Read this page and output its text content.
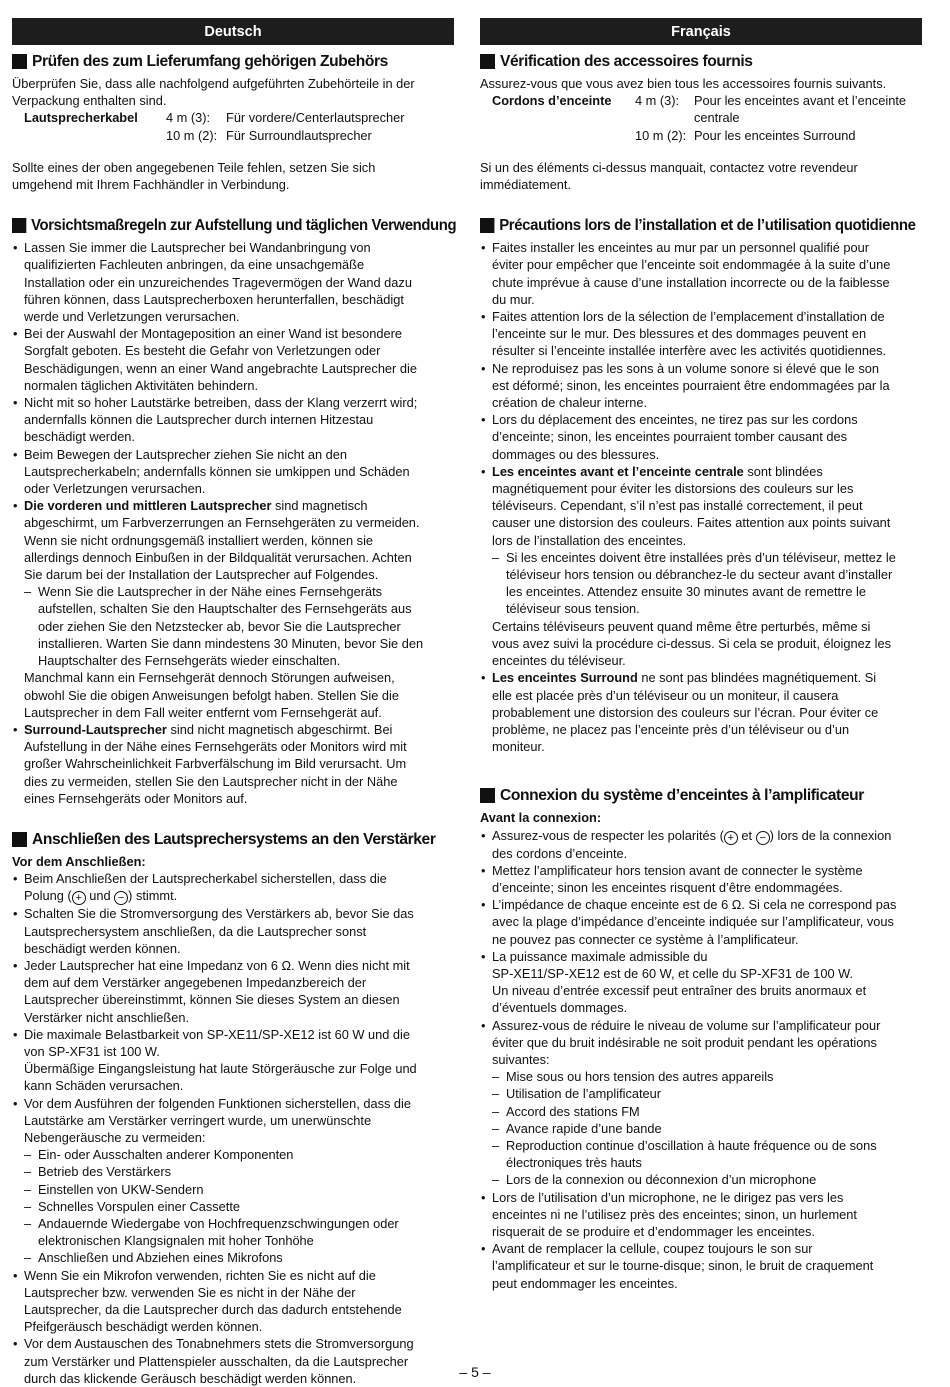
Deutsch
Prüfen des zum Lieferumfang gehörigen Zubehörs

Überprüfen Sie, dass alle nachfolgend aufgeführten Zubehörteile in der

Verpackung enthalten sind.

Lautsprecherkabel	4 m (3):	Für vordere/Centerlautsprecher
10 m (2): Für Surroundlautsprecher

Sollte eines der oben angegebenen Teile fehlen, setzen Sie sich

umgehend mit Ihrem Fachhändler in Verbindung.

Vorsichtsmaßregeln zur Aufstellung und täglichen Verwendung
• Lassen Sie immer die Lautsprecher bei Wandanbringung von
qualifizierten Fachleuten anbringen, da eine unsachgemäße
Installation oder ein unzureichendes Tragevermögen der Wand dazu
führen können, dass Lautsprecherboxen herunterfallen, beschädigt
werde und Verletzungen verursachen.
• Bei der Auswahl der Montageposition an einer Wand ist besondere
Sorgfalt geboten. Es besteht die Gefahr von Verletzungen oder
Beschädigungen, wenn an einer Wand angebrachte Lautsprecher die
normalen täglichen Aktivitäten behindern.
• Nicht mit so hoher Lautstärke betreiben, dass der Klang verzerrt wird;
andernfalls können die Lautsprecher durch internen Hitzestau
beschädigt werden.
• Beim Bewegen der Lautsprecher ziehen Sie nicht an den
Lautsprecherkabeln; andernfalls können sie umkippen und Schäden
oder Verletzungen verursachen.
• Die vorderen und mittleren Lautsprecher sind magnetisch
abgeschirmt, um Farbverzerrungen an Fernsehgeräten zu vermeiden.
Wenn sie nicht ordnungsgemäß installiert werden, können sie
allerdings dennoch Einbußen in der Bildqualität verursachen. Achten
Sie darum bei der Installation der Lautsprecher auf Folgendes.
– Wenn Sie die Lautsprecher in der Nähe eines Fernsehgeräts
aufstellen, schalten Sie den Hauptschalter des Fernsehgeräts aus
oder ziehen Sie den Netzstecker ab, bevor Sie die Lautsprecher
installieren. Warten Sie dann mindestens 30 Minuten, bevor Sie den
Hauptschalter des Fernsehgeräts wieder einschalten.
Manchmal kann ein Fernsehgerät dennoch Störungen aufweisen,
obwohl Sie die obigen Anweisungen befolgt haben. Stellen Sie die
Lautsprecher in dem Fall weiter entfernt vom Fernsehgerät auf.
• Surround-Lautsprecher sind nicht magnetisch abgeschirmt. Bei
Aufstellung in der Nähe eines Fernsehgeräts oder Monitors wird mit
großer Wahrscheinlichkeit Farbverfälschung im Bild verursacht. Um
dies zu vermeiden, stellen Sie den Lautsprecher nicht in der Nähe
eines Fernsehgeräts oder Monitors auf.
Anschließen des Lautsprechersystems an den Verstärker
Vor dem Anschließen:
• Beim Anschließen der Lautsprecherkabel sicherstellen, dass die
Polung ( + und − ) stimmt.
• Schalten Sie die Stromversorgung des Verstärkers ab, bevor Sie das
Lautsprechersystem anschließen, da die Lautsprecher sonst
beschädigt werden können.
• Jeder Lautsprecher hat eine Impedanz von 6 Ω. Wenn dies nicht mit
dem auf dem Verstärker angegebenen Impedanzbereich der
Lautsprecher übereinstimmt, können Sie dieses System an diesen
Verstärker nicht anschließen.
• Die maximale Belastbarkeit von SP-XE11/SP-XE12 ist 60 W und die
von SP-XF31 ist 100 W.
Übermäßige Eingangsleistung hat laute Störgeräusche zur Folge und
kann Schäden verursachen.
• Vor dem Ausführen der folgenden Funktionen sicherstellen, dass die
Lautstärke am Verstärker verringert wurde, um unerwünschte
Nebengeräusche zu vermeiden:
– Ein- oder Ausschalten anderer Komponenten
– Betrieb des Verstärkers
– Einstellen von UKW-Sendern
– Schnelles Vorspulen einer Cassette
– Andauernde Wiedergabe von Hochfrequenzschwingungen oder
elektronischen Klangsignalen mit hoher Tonhöhe
– Anschließen und Abziehen eines Mikrofons
• Wenn Sie ein Mikrofon verwenden, richten Sie es nicht auf die
Lautsprecher bzw. verwenden Sie es nicht in der Nähe der
Lautsprecher, da die Lautsprecher durch das dadurch entstehende
Pfeifgeräusch beschädigt werden können.
• Vor dem Austauschen des Tonabnehmers stets die Stromversorgung
zum Verstärker und Plattenspieler ausschalten, da die Lautsprecher
durch das klickende Geräusch beschädigt werden können.
Français
Vérification des accessoires fournis

Assurez-vous que vous avez bien tous les accessoires fournis suivants.

Cordons d’enceinte	4 m (3):	Pour les enceintes avant et l’enceinte
centrale
10 m (2): Pour les enceintes Surround

Si un des éléments ci-dessus manquait, contactez votre revendeur

immédiatement.

Précautions lors de l’installation et de l’utilisation quotidienne
• Faites installer les enceintes au mur par un personnel qualifié pour
éviter pour empêcher que l’enceinte soit endommagée à la suite d’une
chute imprévue à cause d’une installation incorrecte ou de la faiblesse
du mur.
• Faites attention lors de la sélection de l’emplacement d’installation de
l’enceinte sur le mur. Des blessures et des dommages peuvent en
résulter si l’enceinte installée interfère avec les activités quotidiennes.
• Ne reproduisez pas les sons à un volume sonore si élevé que le son
est déformé; sinon, les enceintes pourraient être endommagées par la
création de chaleur interne.
• Lors du déplacement des enceintes, ne tirez pas sur les cordons
d’enceinte; sinon, les enceintes pourraient tomber causant des
dommages ou des blessures.
• Les enceintes avant et l’enceinte centrale sont blindées
magnétiquement pour éviter les distorsions des couleurs sur les
téléviseurs. Cependant, s’il n’est pas installé correctement, il peut
causer une distorsion des couleurs. Faites attention aux points suivant
lors de l’installation des enceintes.
– Si les enceintes doivent être installées près d’un téléviseur, mettez le
téléviseur hors tension ou débranchez-le du secteur avant d’installer
les enceintes. Attendez ensuite 30 minutes avant de remettre le
téléviseur sous tension.
Certains téléviseurs peuvent quand même être perturbés, même si
vous avez suivi la procédure ci-dessus. Si cela se produit, éloignez les
enceintes du téléviseur.
• Les enceintes Surround ne sont pas blindées magnétiquement. Si
elle est placée près d’un téléviseur ou un moniteur, il causera
probablement une distorsion des couleurs sur l’écran. Pour éviter ce
problème, ne placez pas l’enceinte près d’un téléviseur ou d’un
moniteur.
Connexion du système d’enceintes à l’amplificateur
Avant la connexion:
• Assurez-vous de respecter les polarités ( + et − ) lors de la connexion
des cordons d’enceinte.
• Mettez l’amplificateur hors tension avant de connecter le système
d’enceinte; sinon les enceintes risquent d’être endommagées.
• L’impédance de chaque enceinte est de 6 Ω. Si cela ne correspond pas
avec la plage d’impédance d’enceinte indiquée sur l’amplificateur, vous
ne pouvez pas connecter ce système à l’amplificateur.
• La puissance maximale admissible du
SP-XE11/SP-XE12 est de 60 W, et celle du SP-XF31 de 100 W.
Un niveau d’entrée excessif peut entraîner des bruits anormaux et
d’éventuels dommages.
• Assurez-vous de réduire le niveau de volume sur l’amplificateur pour
éviter que du bruit indésirable ne soit produit pendant les opérations
suivantes:
– Mise sous ou hors tension des autres appareils
– Utilisation de l’amplificateur
– Accord des stations FM
– Avance rapide d’une bande
– Reproduction continue d’oscillation à haute fréquence ou de sons
électroniques très hauts
– Lors de la connexion ou déconnexion d’un microphone
• Lors de l’utilisation d’un microphone, ne le dirigez pas vers les
enceintes ni ne l’utilisez près des enceintes; sinon, un hurlement
risquerait de se produire et d’endommager les enceintes.
• Avant de remplacer la cellule, coupez toujours le son sur
l’amplificateur et sur le tourne-disque; sinon, le bruit de craquement
peut endommager les enceintes.
– 5 –
